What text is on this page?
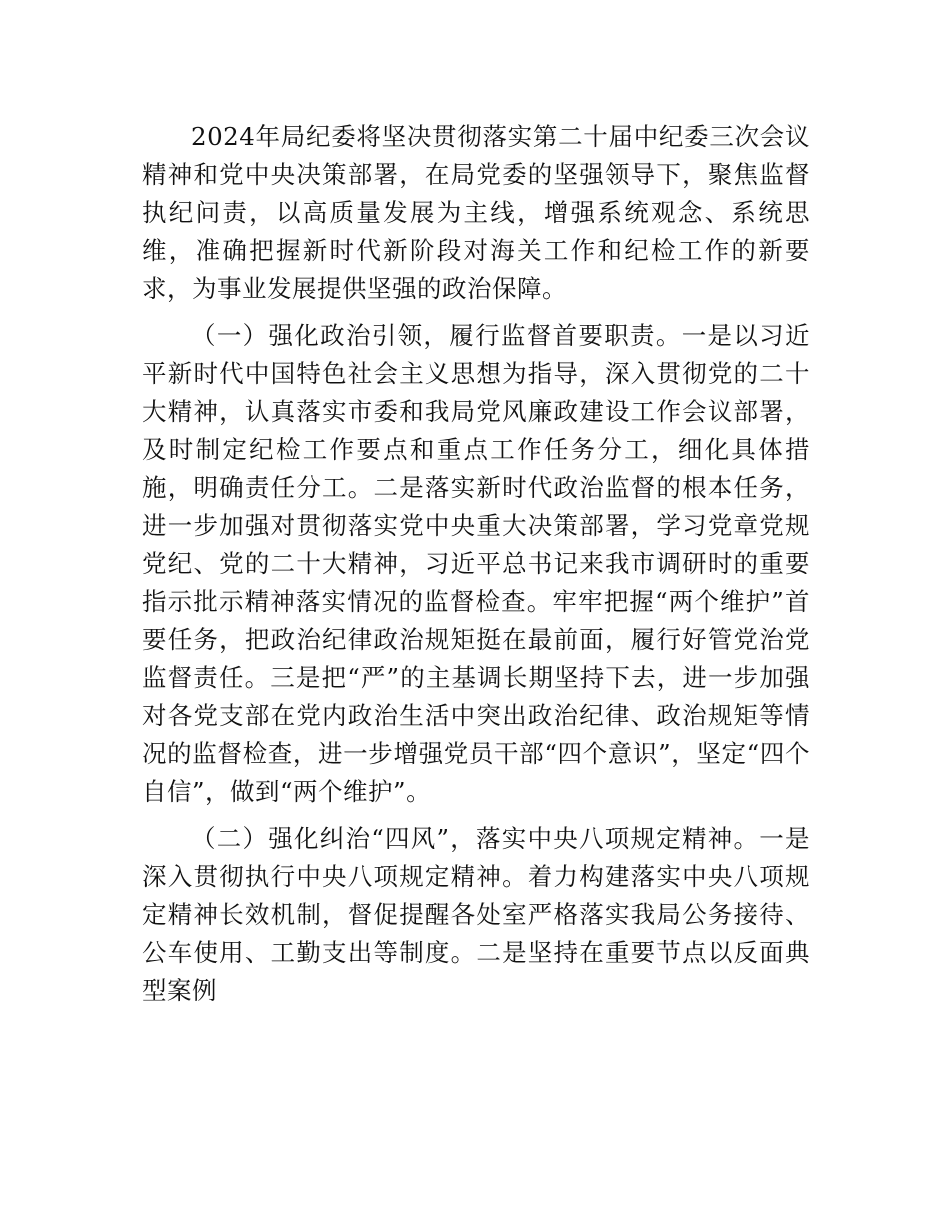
2024年局纪委将坚决贯彻落实第二十届中纪委三次会议精神和党中央决策部署，在局党委的坚强领导下，聚焦监督执纪问责，以高质量发展为主线，增强系统观念、系统思维，准确把握新时代新阶段对海关工作和纪检工作的新要求，为事业发展提供坚强的政治保障。

（一）强化政治引领，履行监督首要职责。一是以习近平新时代中国特色社会主义思想为指导，深入贯彻党的二十大精神，认真落实市委和我局党风廉政建设工作会议部署，及时制定纪检工作要点和重点工作任务分工，细化具体措施，明确责任分工。二是落实新时代政治监督的根本任务，进一步加强对贯彻落实党中央重大决策部署，学习党章党规党纪、党的二十大精神，习近平总书记来我市调研时的重要指示批示精神落实情况的监督检查。牢牢把握“两个维护”首要任务，把政治纪律政治规矩挺在最前面，履行好管党治党监督责任。三是把“严”的主基调长期坚持下去，进一步加强对各党支部在党内政治生活中突出政治纪律、政治规矩等情况的监督检查，进一步增强党员干部“四个意识”，坚定“四个自信”，做到“两个维护”。

（二）强化纠治“四风”，落实中央八项规定精神。一是深入贯彻执行中央八项规定精神。着力构建落实中央八项规定精神长效机制，督促提醒各处室严格落实我局公务接待、公车使用、工勤支出等制度。二是坚持在重要节点以反面典型案例
